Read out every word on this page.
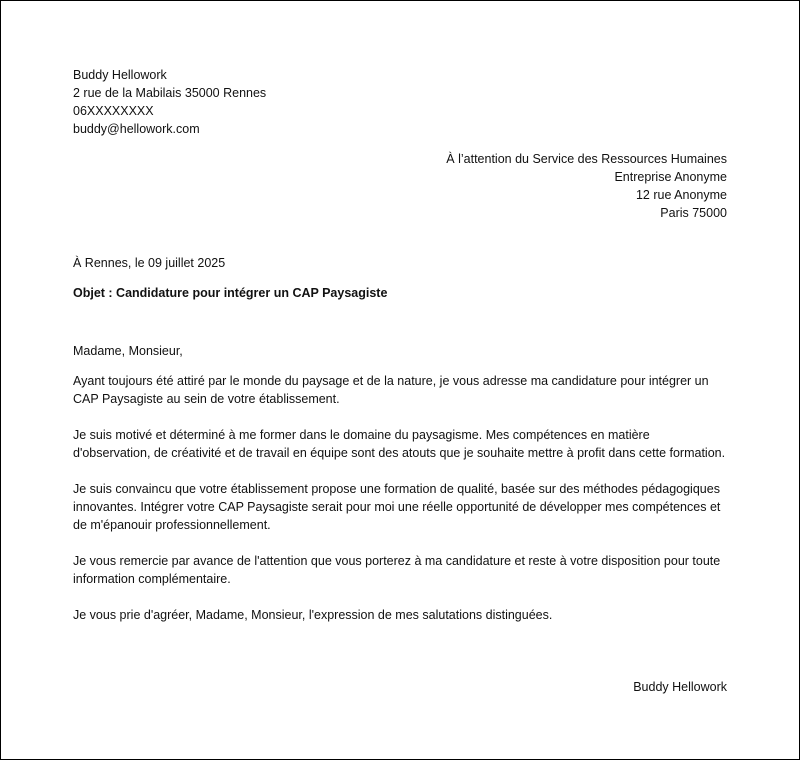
Buddy Hellowork
2 rue de la Mabilais 35000 Rennes
06XXXXXXXX
buddy@hellowork.com
À l’attention du Service des Ressources Humaines
Entreprise Anonyme
12 rue Anonyme
Paris 75000
À Rennes, le 09 juillet 2025
Objet : Candidature pour intégrer un CAP Paysagiste
Madame, Monsieur,

Ayant toujours été attiré par le monde du paysage et de la nature, je vous adresse ma candidature pour intégrer un CAP Paysagiste au sein de votre établissement.

Je suis motivé et déterminé à me former dans le domaine du paysagisme. Mes compétences en matière d'observation, de créativité et de travail en équipe sont des atouts que je souhaite mettre à profit dans cette formation.

Je suis convaincu que votre établissement propose une formation de qualité, basée sur des méthodes pédagogiques innovantes. Intégrer votre CAP Paysagiste serait pour moi une réelle opportunité de développer mes compétences et de m'épanouir professionnellement.

Je vous remercie par avance de l'attention que vous porterez à ma candidature et reste à votre disposition pour toute information complémentaire.

Je vous prie d'agréer, Madame, Monsieur, l'expression de mes salutations distinguées.

Buddy Hellowork
